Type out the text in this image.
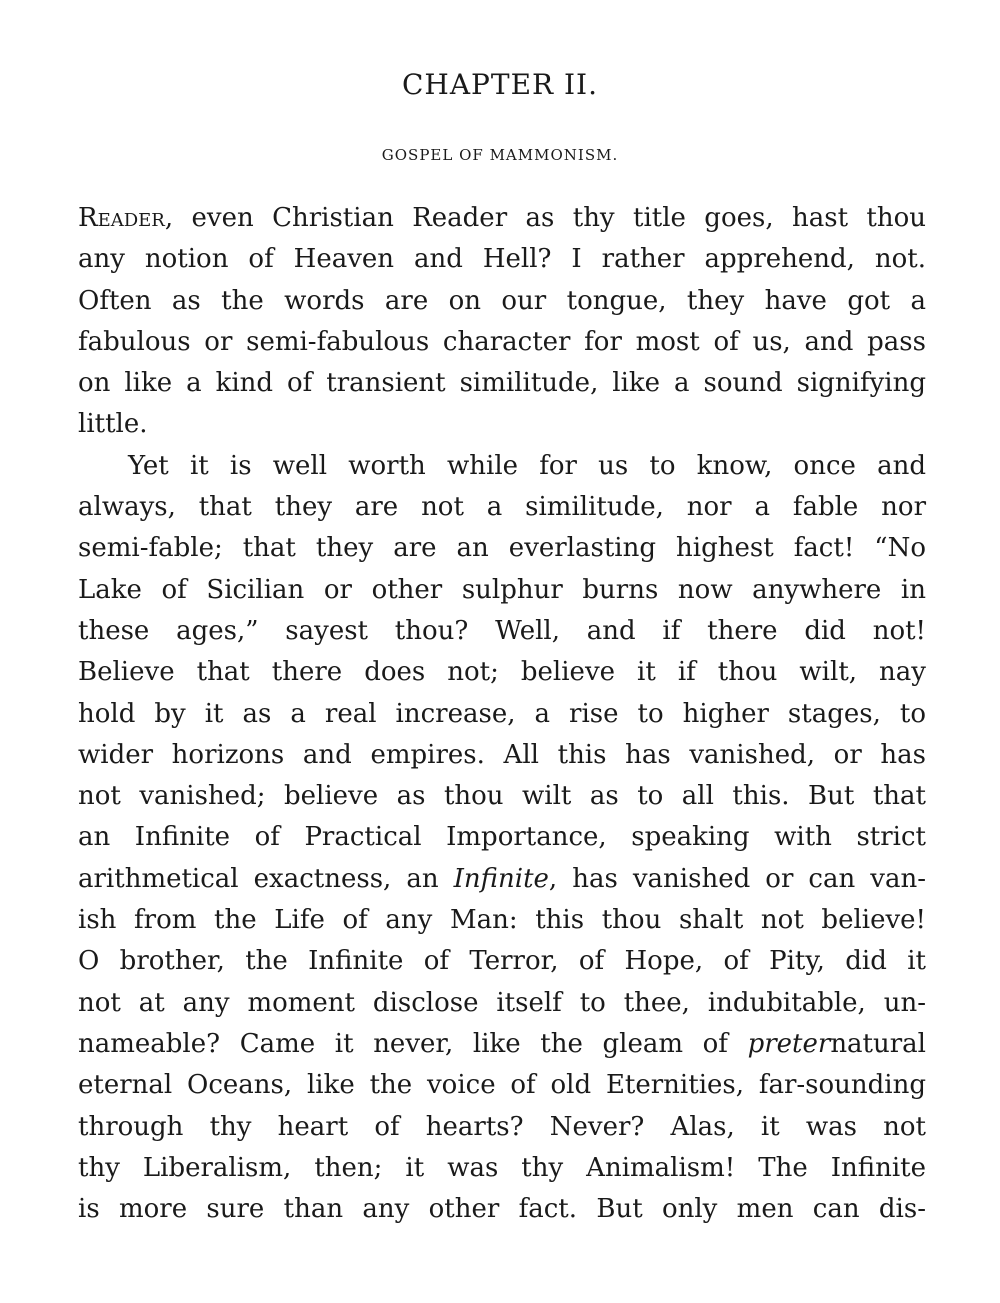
CHAPTER II.
GOSPEL OF MAMMONISM.
Reader, even Christian Reader as thy title goes, hast thou
any notion of Heaven and Hell? I rather apprehend, not.
Often as the words are on our tongue, they have got a
fabulous or semi-fabulous character for most of us, and pass
on like a kind of transient similitude, like a sound signifying
little.
Yet it is well worth while for us to know, once and
always, that they are not a similitude, nor a fable nor
semi-fable; that they are an everlasting highest fact! “No
Lake of Sicilian or other sulphur burns now anywhere in
these ages,” sayest thou? Well, and if there did not!
Believe that there does not; believe it if thou wilt, nay
hold by it as a real increase, a rise to higher stages, to
wider horizons and empires. All this has vanished, or has
not vanished; believe as thou wilt as to all this. But that
an Infinite of Practical Importance, speaking with strict
arithmetical exactness, an Infinite, has vanished or can van-
ish from the Life of any Man: this thou shalt not believe!
O brother, the Infinite of Terror, of Hope, of Pity, did it
not at any moment disclose itself to thee, indubitable, un-
nameable? Came it never, like the gleam of preternatural
eternal Oceans, like the voice of old Eternities, far-sounding
through thy heart of hearts? Never? Alas, it was not
thy Liberalism, then; it was thy Animalism! The Infinite
is more sure than any other fact. But only men can dis-
